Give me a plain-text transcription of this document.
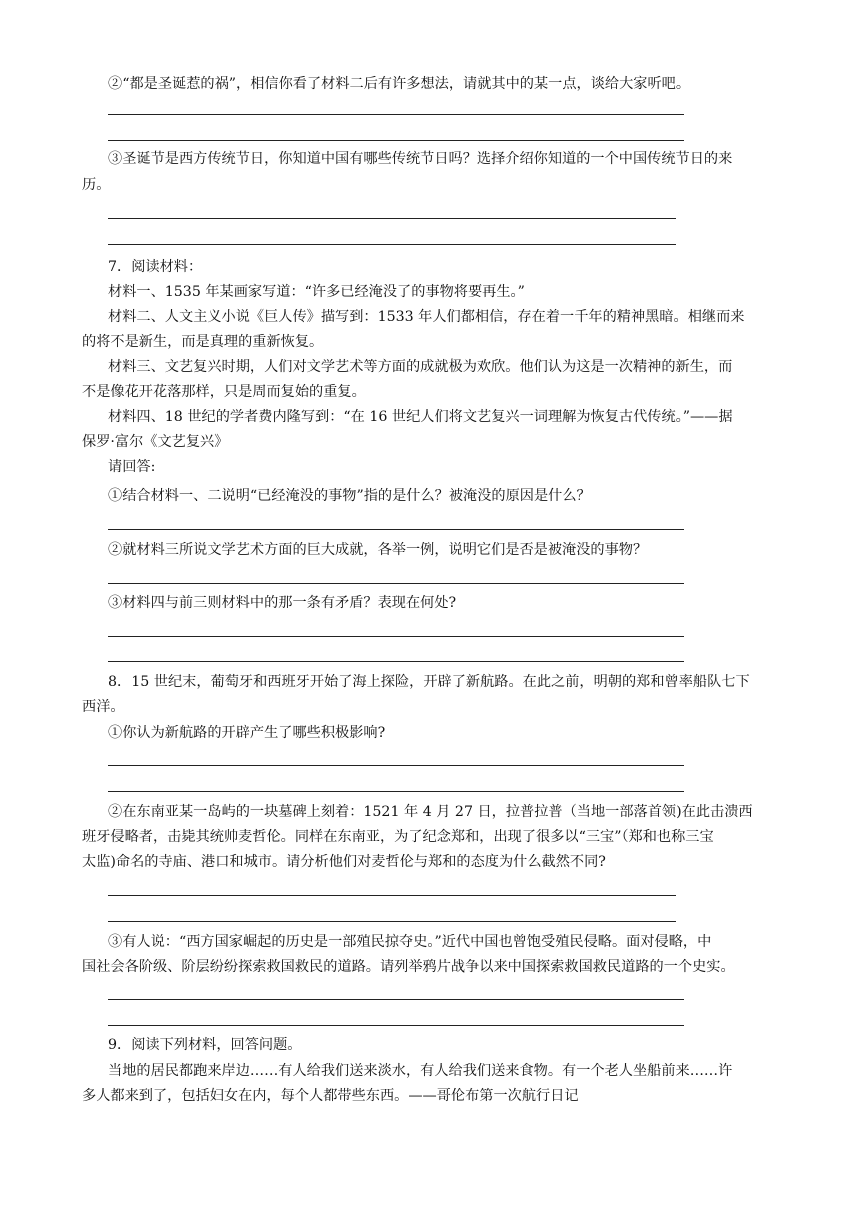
②“都是圣诞惹的祸”，相信你看了材料二后有许多想法，请就其中的某一点，谈给大家听吧。
③圣诞节是西方传统节日，你知道中国有哪些传统节日吗？选择介绍你知道的一个中国传统节日的来
历。
7．阅读材料：
材料一、1535 年某画家写道：“许多已经淹没了的事物将要再生。”
材料二、人文主义小说《巨人传》描写到：1533 年人们都相信，存在着一千年的精神黑暗。相继而来
的将不是新生，而是真理的重新恢复。
材料三、文艺复兴时期，人们对文学艺术等方面的成就极为欢欣。他们认为这是一次精神的新生，而
不是像花开花落那样，只是周而复始的重复。
材料四、18 世纪的学者费内隆写到：“在 16 世纪人们将文艺复兴一词理解为恢复古代传统。”——据
保罗·富尔《文艺复兴》
请回答:
①结合材料一、二说明“已经淹没的事物”指的是什么？被淹没的原因是什么？
②就材料三所说文学艺术方面的巨大成就，各举一例，说明它们是否是被淹没的事物？
③材料四与前三则材料中的那一条有矛盾？表现在何处?
8．15 世纪末，葡萄牙和西班牙开始了海上探险，开辟了新航路。在此之前，明朝的郑和曾率船队七下
西洋。
①你认为新航路的开辟产生了哪些积极影响?
②在东南亚某一岛屿的一块墓碑上刻着：1521 年 4 月 27 日，拉普拉普（当地一部落首领)在此击溃西
班牙侵略者，击毙其统帅麦哲伦。同样在东南亚，为了纪念郑和，出现了很多以“三宝”（郑和也称三宝
太监)命名的寺庙、港口和城市。请分析他们对麦哲伦与郑和的态度为什么截然不同?
③有人说：“西方国家崛起的历史是一部殖民掠夺史。”近代中国也曾饱受殖民侵略。面对侵略，中
国社会各阶级、阶层纷纷探索救国救民的道路。请列举鸦片战争以来中国探索救国救民道路的一个史实。
9．阅读下列材料，回答问题。
当地的居民都跑来岸边……有人给我们送来淡水，有人给我们送来食物。有一个老人坐船前来……许
多人都来到了，包括妇女在内，每个人都带些东西。——哥伦布第一次航行日记
